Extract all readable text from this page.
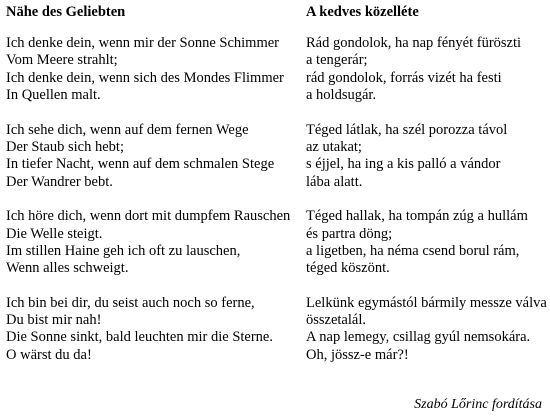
Nähe des Geliebten
Ich denke dein, wenn mir der Sonne Schimmer
Vom Meere strahlt;
Ich denke dein, wenn sich des Mondes Flimmer
In Quellen malt.
Ich sehe dich, wenn auf dem fernen Wege
Der Staub sich hebt;
In tiefer Nacht, wenn auf dem schmalen Stege
Der Wandrer bebt.
Ich höre dich, wenn dort mit dumpfem Rauschen
Die Welle steigt.
Im stillen Haine geh ich oft zu lauschen,
Wenn alles schweigt.
Ich bin bei dir, du seist auch noch so ferne,
Du bist mir nah!
Die Sonne sinkt, bald leuchten mir die Sterne.
O wärst du da!
A kedves közelléte
Rád gondolok, ha nap fényét füröszti
a tengerár;
rád gondolok, forrás vizét ha festi
a holdsugár.
Téged látlak, ha szél porozza távol
az utakat;
s éjjel, ha ing a kis palló a vándor
lába alatt.
Téged hallak, ha tompán zúg a hullám
és partra döng;
a ligetben, ha néma csend borul rám,
téged köszönt.
Lelkünk egymástól bármily messze válva
összetalál.
A nap lemegy, csillag gyúl nemsokára.
Oh, jössz-e már?!
Szabó Lőrinc fordítása
